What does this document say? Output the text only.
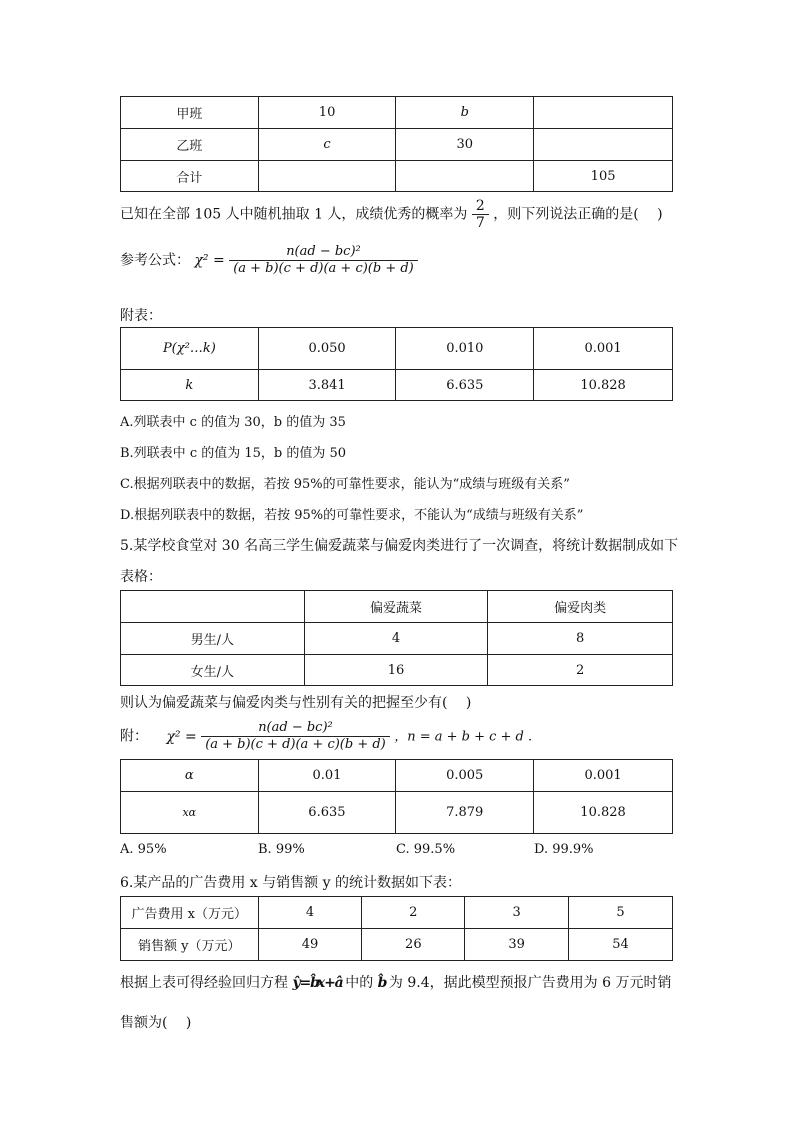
甲班	10	b	
乙班	c	30	
合计			105
已知在全部 105 人中随机抽取 1 人，成绩优秀的概率为 $\frac{2}{7}$ ，则下列说法正确的是(　 )
参考公式： $\chi^2 = \frac{\text{n(ad − bc)²}}{(a + b)(c + d)(a + c)(b + d)}$
附表：
P(χ²…k)	0.050	0.010	0.001
k	3.841	6.635	10.828
A.列联表中 c 的值为 30，b 的值为 35
B.列联表中 c 的值为 15，b 的值为 50
C.根据列联表中的数据，若按 95%的可靠性要求，能认为“成绩与班级有关系”
D.根据列联表中的数据，若按 95%的可靠性要求，不能认为“成绩与班级有关系”
5.某学校食堂对 30 名高三学生偏爱蔬菜与偏爱肉类进行了一次调查，将统计数据制成如下
表格：
	偏爱蔬菜	偏爱肉类
男生/人	4	8
女生/人	16	2
则认为偏爱蔬菜与偏爱肉类与性别有关的把握至少有(　 )
附： $\chi^2 = \frac{\text{n(ad − bc)²}}{(a + b)(c + d)(a + c)(b + d)}$ ，n = a + b + c + d .
α	0.01	0.005	0.001
xα	6.635	7.879	10.828
A. 95%	B. 99%	C. 99.5%	D. 99.9%
6.某产品的广告费用 x 与销售额 y 的统计数据如下表：
广告费用 x（万元）	4	2	3	5
销售额 y（万元）	49	26	39	54
根据上表可得经验回归方程 ŷ = b̂x + â 中的 b̂ 为 9.4，据此模型预报广告费用为 6 万元时销
售额为(　 )
